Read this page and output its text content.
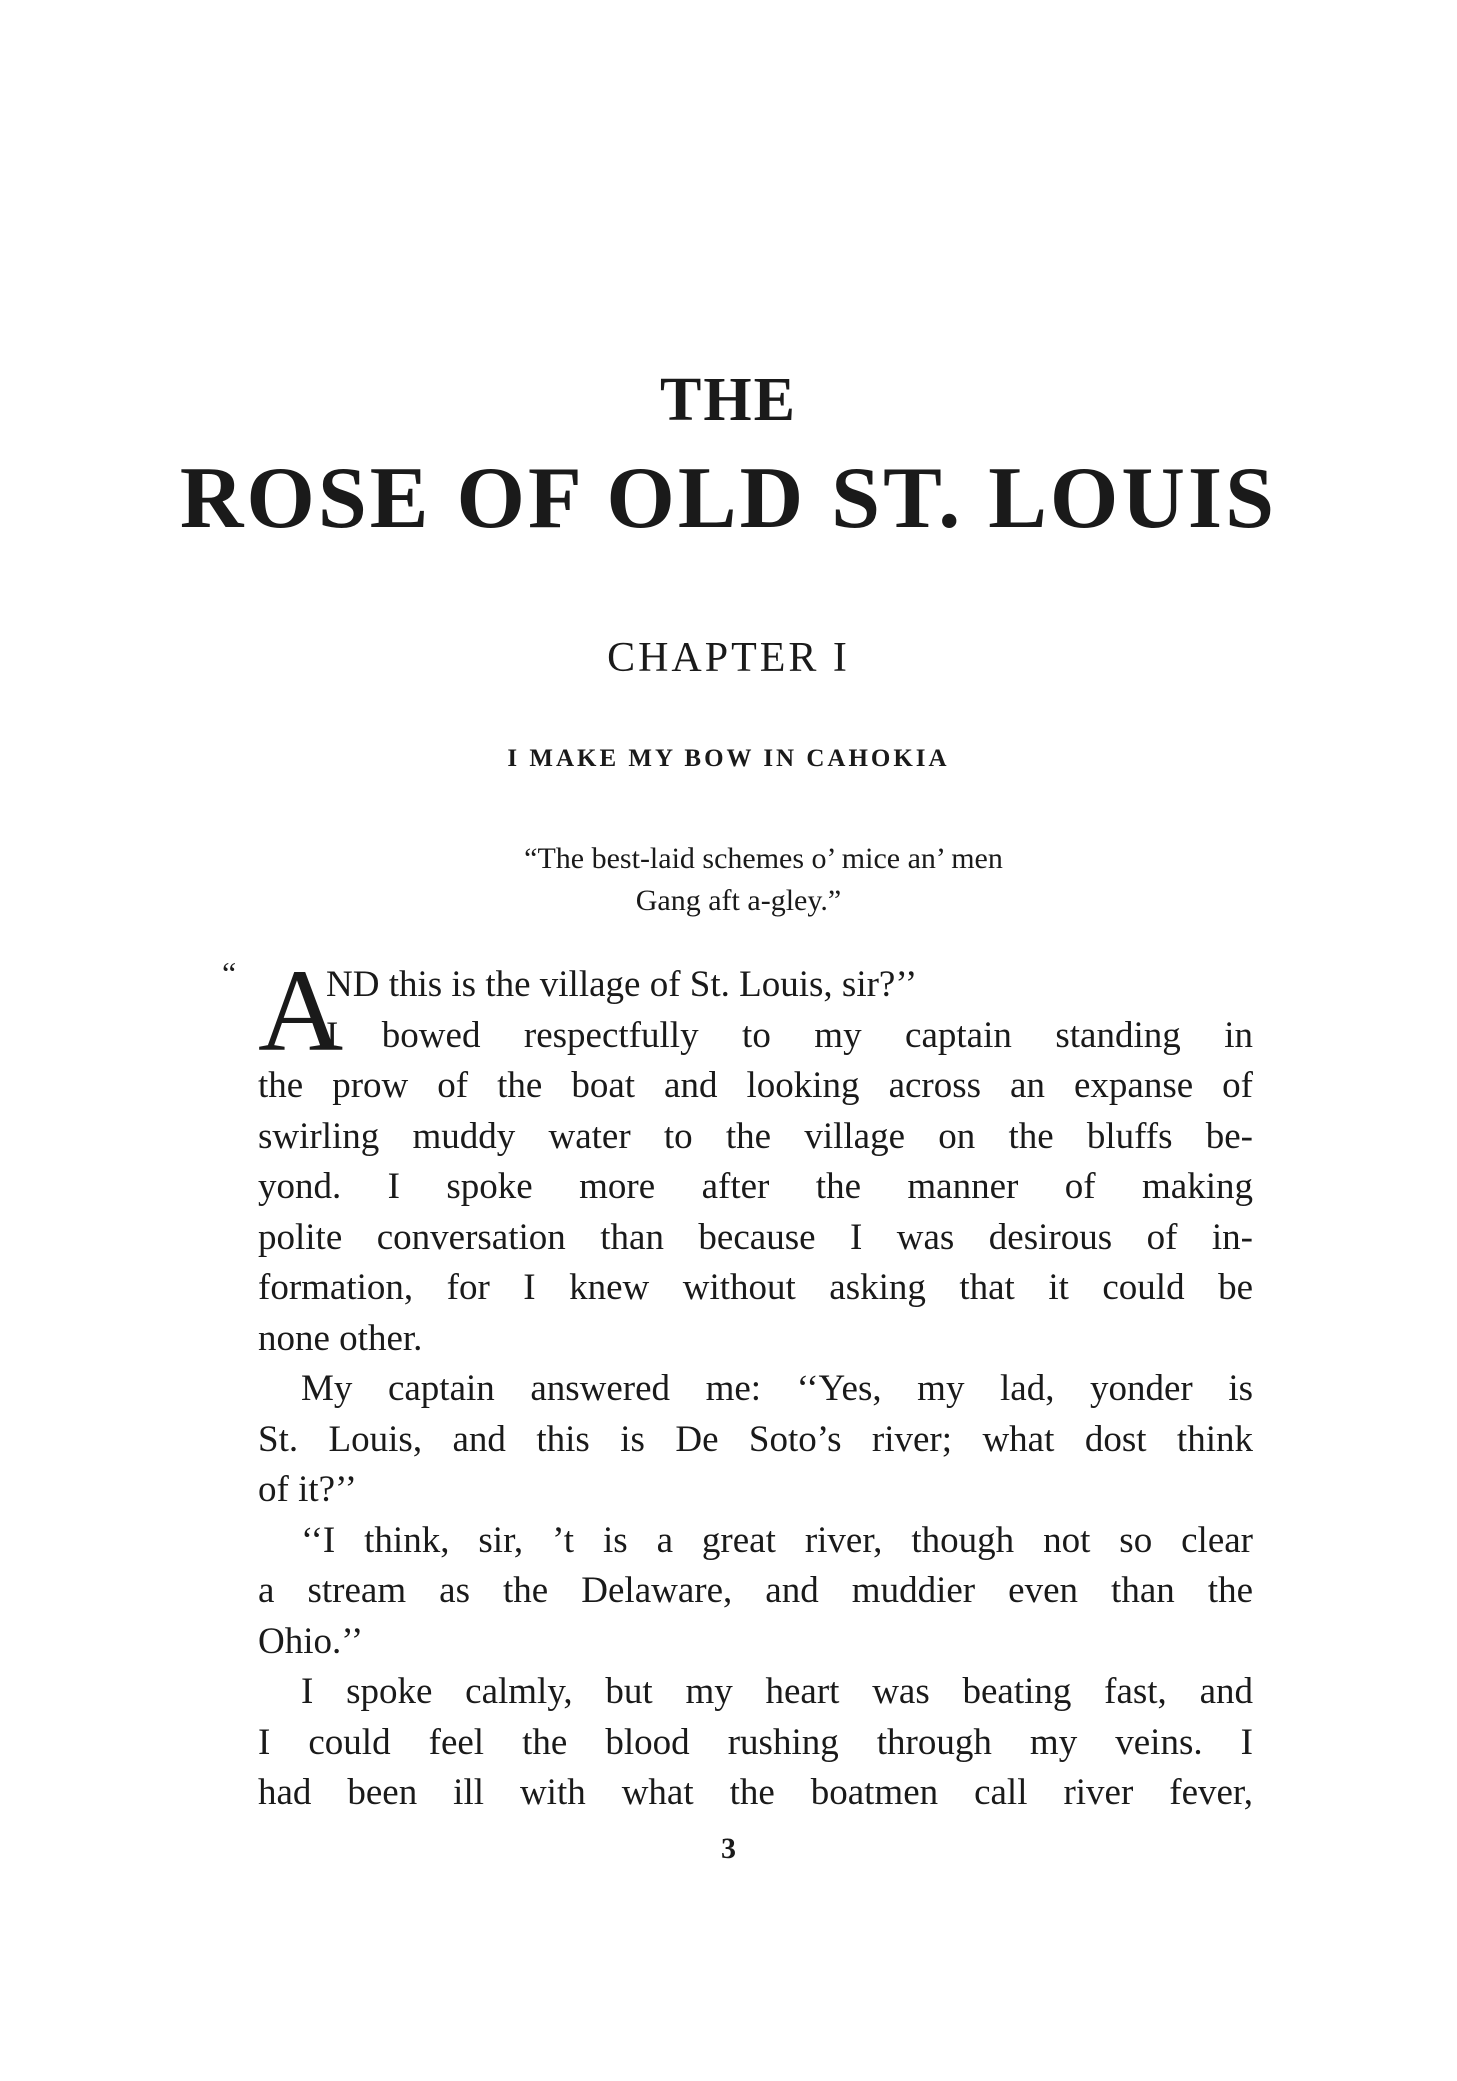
THE
ROSE OF OLD ST. LOUIS
CHAPTER I
I MAKE MY BOW IN CAHOKIA
“The best-laid schemes o’ mice an’ men
Gang aft a-gley.”
“ A
ND this is the village of St. Louis, sir?’’
I bowed respectfully to my captain standing in
the prow of the boat and looking across an expanse of
swirling muddy water to the village on the bluffs be-
yond. I spoke more after the manner of making
polite conversation than because I was desirous of in-
formation, for I knew without asking that it could be
none other.
My captain answered me: ‘‘Yes, my lad, yonder is
St. Louis, and this is De Soto’s river; what dost think
of it?’’
‘‘I think, sir, ’t is a great river, though not so clear
a stream as the Delaware, and muddier even than the
Ohio.’’
I spoke calmly, but my heart was beating fast, and
I could feel the blood rushing through my veins. I
had been ill with what the boatmen call river fever,
3
